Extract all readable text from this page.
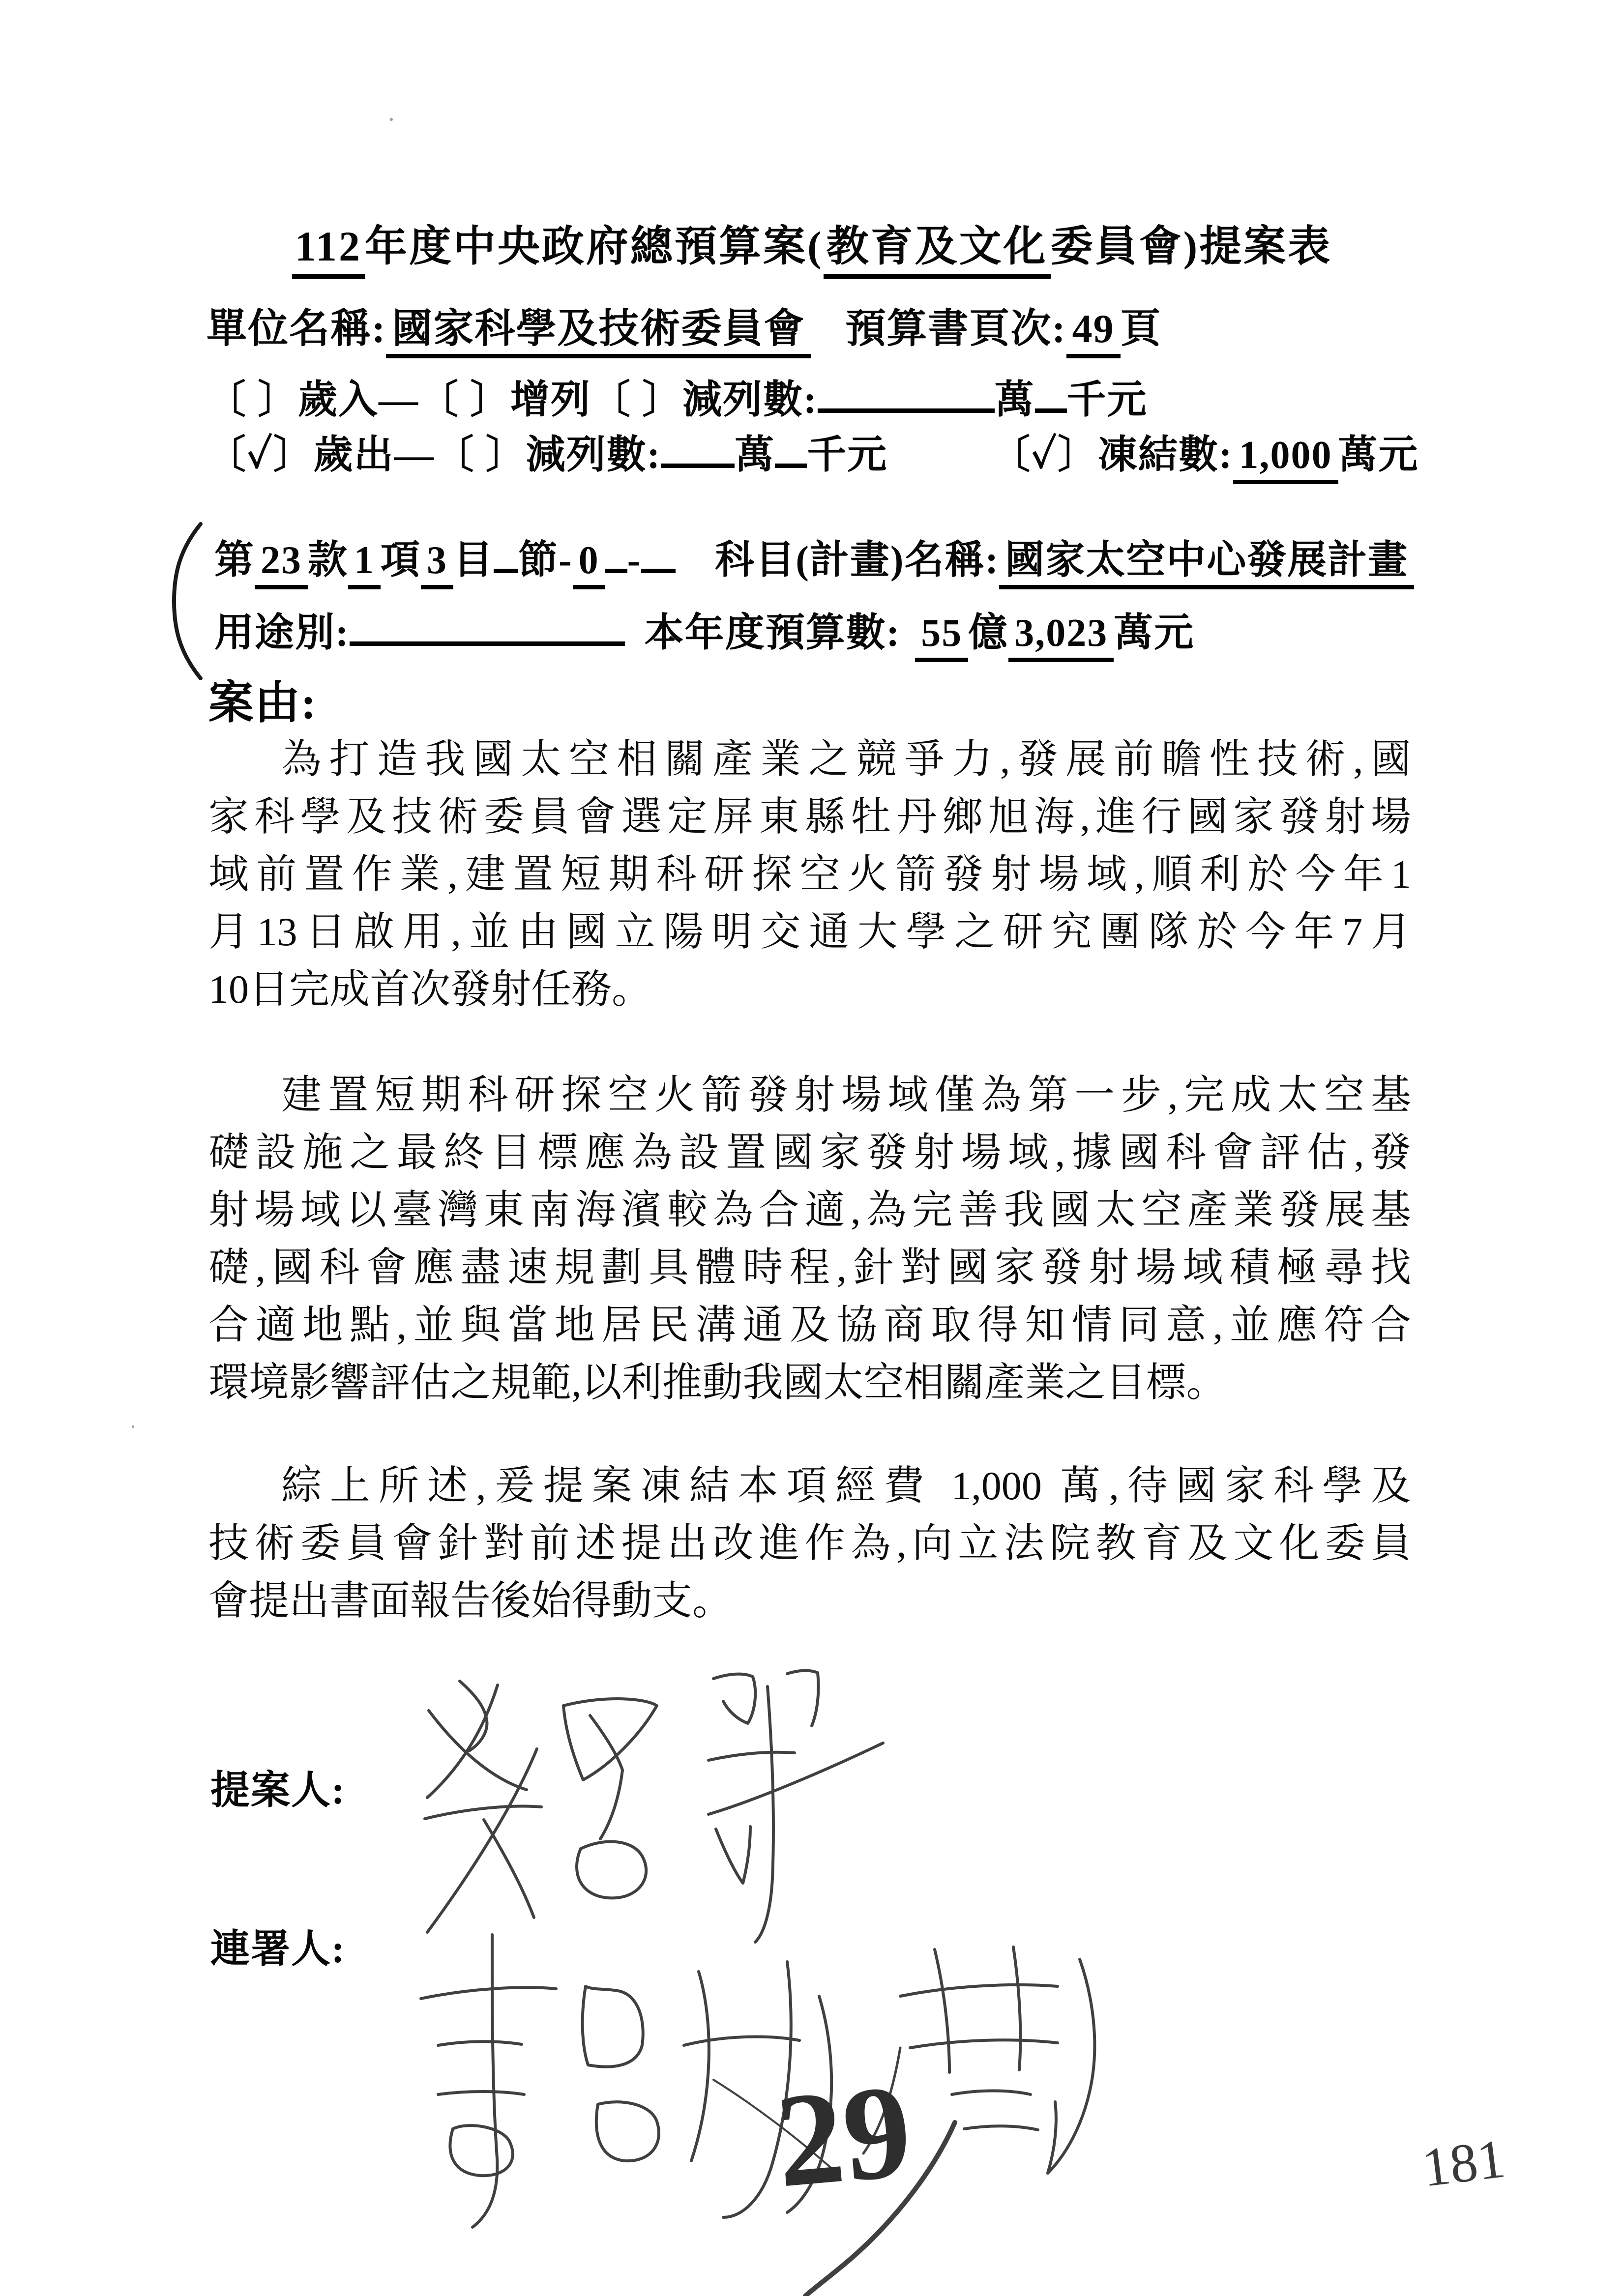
112年度中央政府總預算案(教育及文化委員會)提案表
單位名稱: 國家科學及技術委員會 預算書頁次: 49 頁
〔 〕歲入—〔 〕增列〔 〕減列數:	萬 千元
〔✓〕歲出—〔 〕減列數: 萬 千元	〔✓〕凍結數: 1,000 萬元
第 23 款 1 項 3 目 節- 0 - 科目(計畫)名稱: 國家太空中心發展計畫
用途別:	本年度預算數: 55 億 3,023 萬元
案由:
為打造我國太空相關產業之競爭力,發展前瞻性技術,國
家科學及技術委員會選定屏東縣牡丹鄉旭海,進行國家發射場
域前置作業,建置短期科研探空火箭發射場域,順利於今年1
月13日啟用,並由國立陽明交通大學之研究團隊於今年7月
10日完成首次發射任務。
建置短期科研探空火箭發射場域僅為第一步,完成太空基
礎設施之最終目標應為設置國家發射場域,據國科會評估,發
射場域以臺灣東南海濱較為合適,為完善我國太空產業發展基
礎,國科會應盡速規劃具體時程,針對國家發射場域積極尋找
合適地點,並與當地居民溝通及協商取得知情同意,並應符合
環境影響評估之規範,以利推動我國太空相關產業之目標。
綜上所述,爰提案凍結本項經費 1,000 萬,待國家科學及
技術委員會針對前述提出改進作為,向立法院教育及文化委員
會提出書面報告後始得動支。
提案人:
連署人:
29	181
